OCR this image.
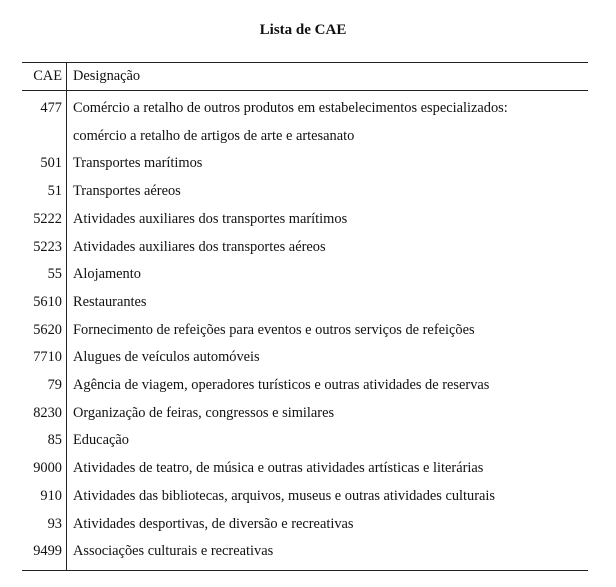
Lista de CAE
CAE	Designação
477	Comércio a retalho de outros produtos em estabelecimentos especializados:
	comércio a retalho de artigos de arte e artesanato
501	Transportes marítimos
51	Transportes aéreos
5222	Atividades auxiliares dos transportes marítimos
5223	Atividades auxiliares dos transportes aéreos
55	Alojamento
5610	Restaurantes
5620	Fornecimento de refeições para eventos e outros serviços de refeições
7710	Alugues de veículos automóveis
79	Agência de viagem, operadores turísticos e outras atividades de reservas
8230	Organização de feiras, congressos e similares
85	Educação
9000	Atividades de teatro, de música e outras atividades artísticas e literárias
910	Atividades das bibliotecas, arquivos, museus e outras atividades culturais
93	Atividades desportivas, de diversão e recreativas
9499	Associações culturais e recreativas
